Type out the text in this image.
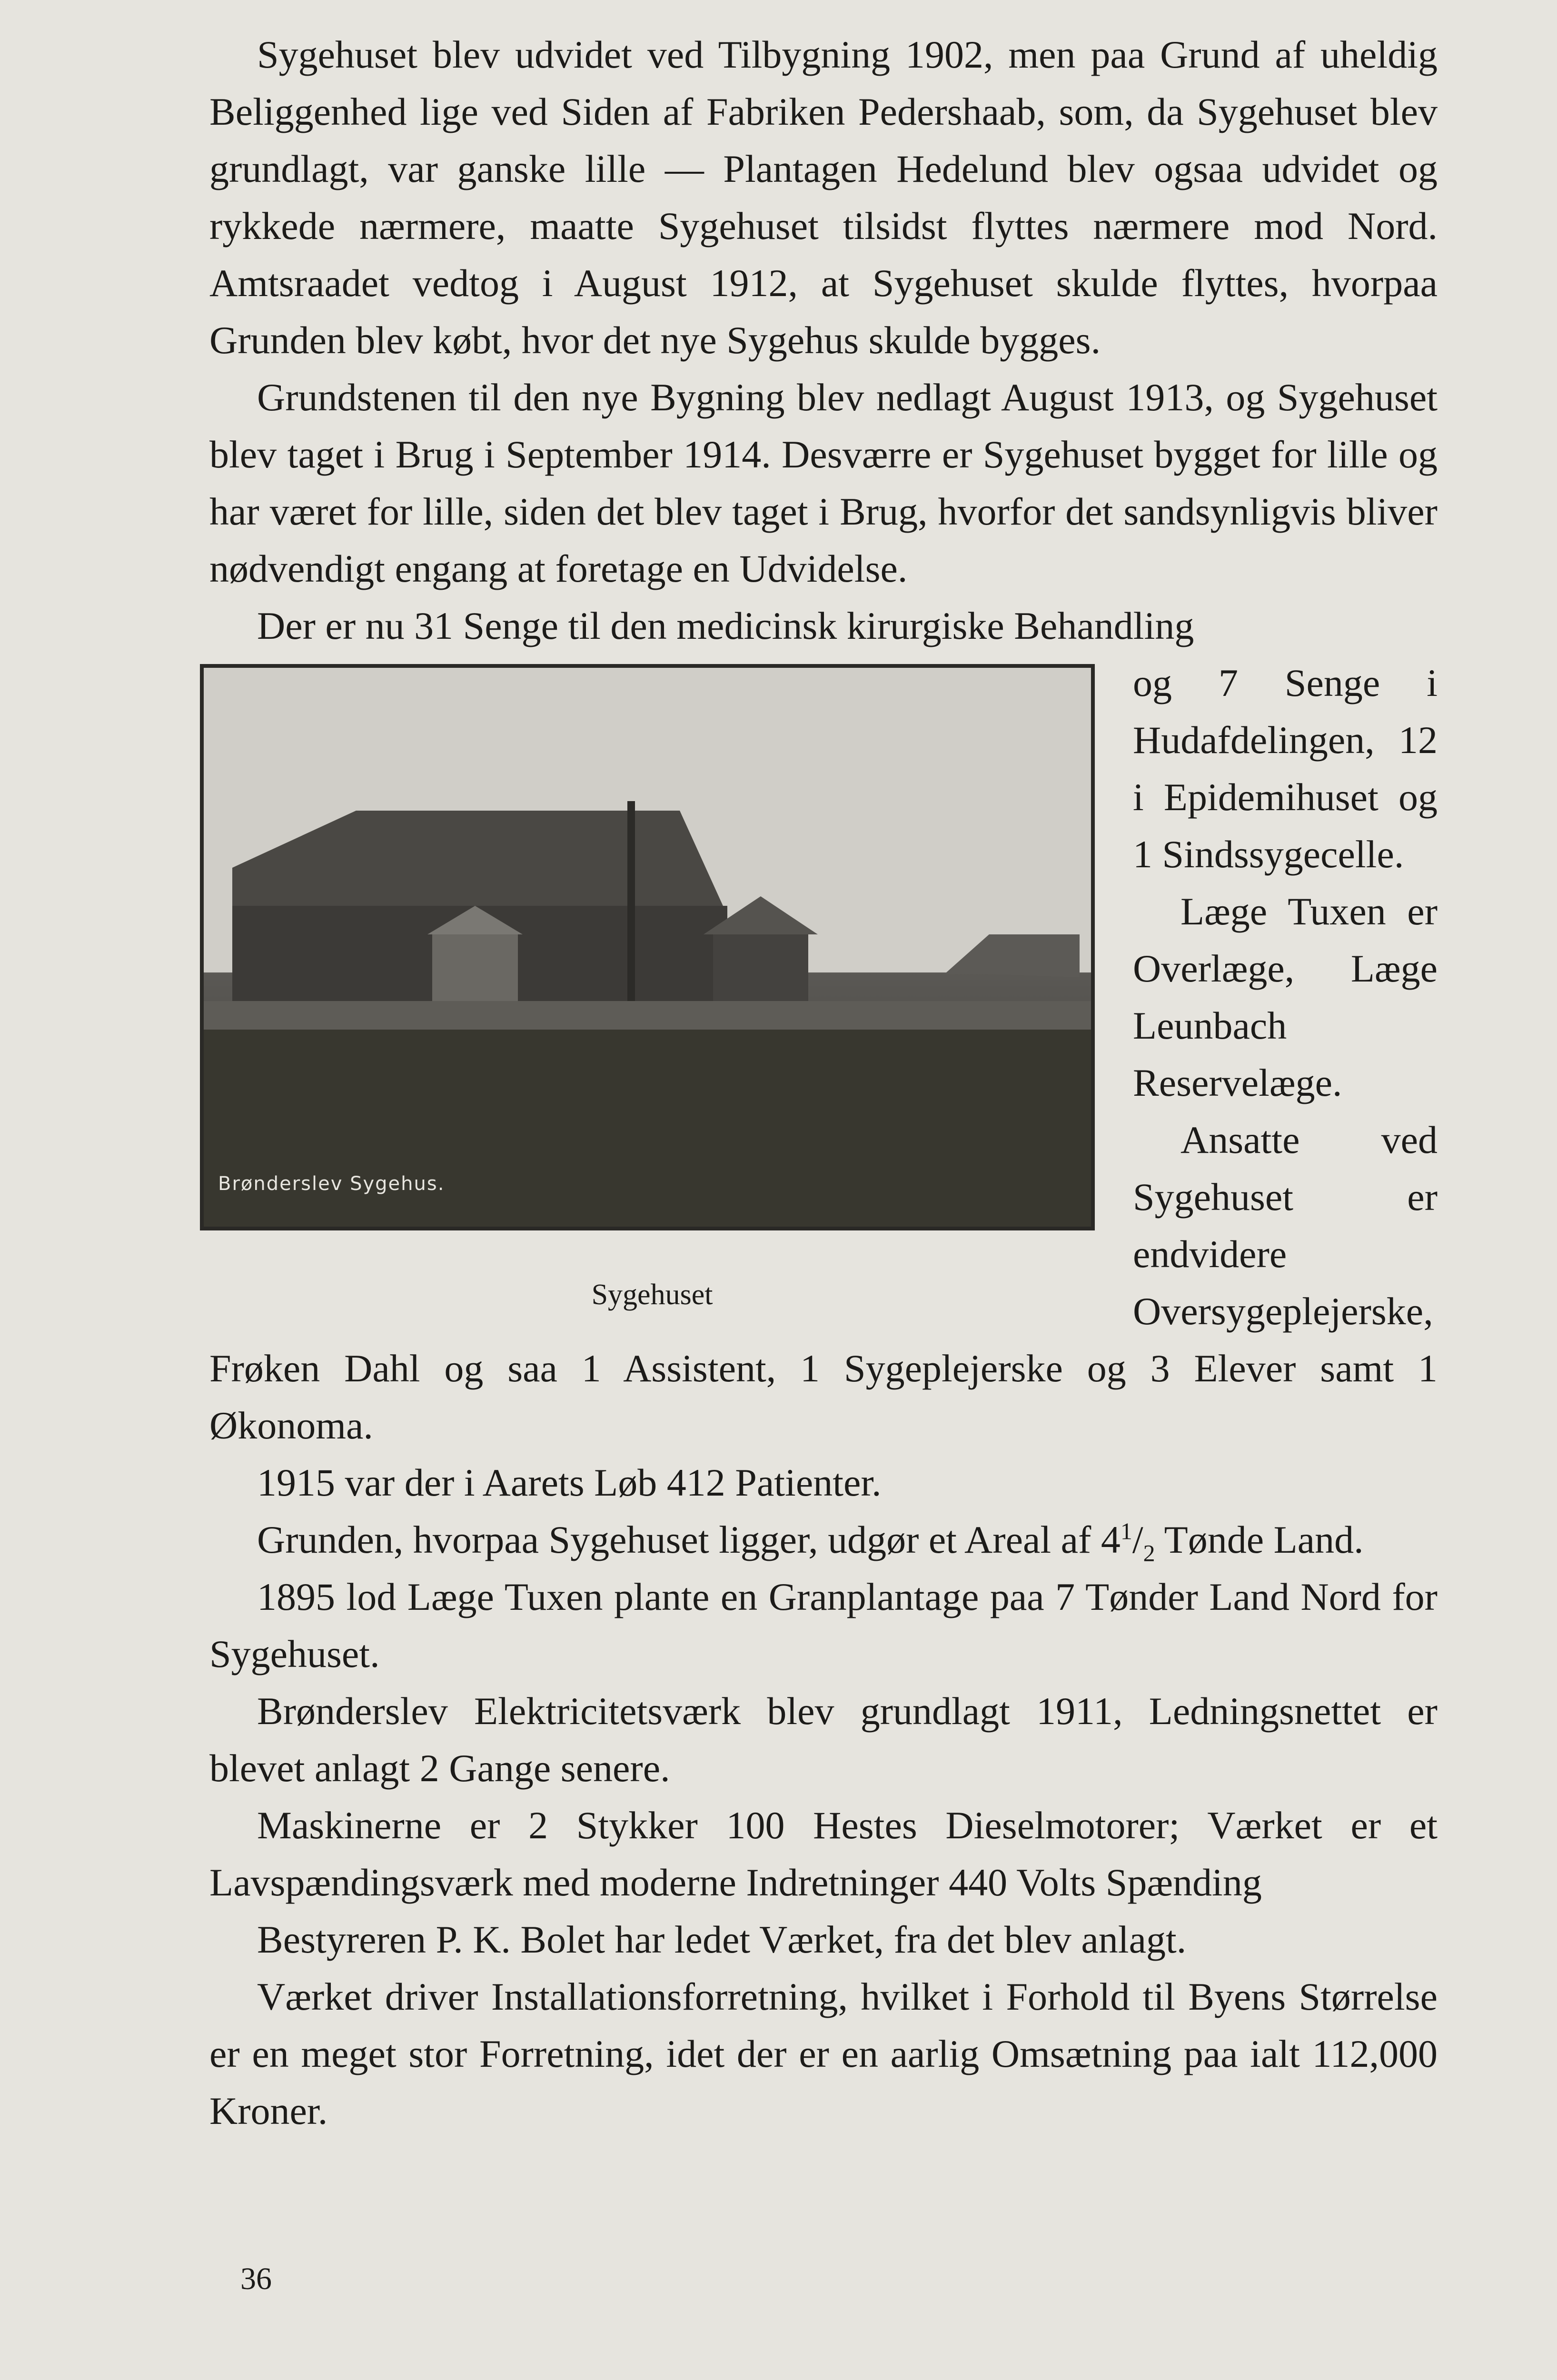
Sygehuset blev udvidet ved Tilbygning 1902, men paa Grund af uheldig Beliggenhed lige ved Siden af Fabriken Pedershaab, som, da Sygehuset blev grundlagt, var ganske lille — Plantagen Hedelund blev ogsaa udvidet og rykkede nærmere, maatte Sygehuset tilsidst flyttes nærmere mod Nord. Amtsraadet vedtog i August 1912, at Sygehuset skulde flyttes, hvorpaa Grunden blev købt, hvor det nye Sygehus skulde bygges.

Grundstenen til den nye Bygning blev nedlagt August 1913, og Sygehuset blev taget i Brug i September 1914. Desværre er Sygehuset bygget for lille og har været for lille, siden det blev taget i Brug, hvorfor det sandsynligvis bliver nødvendigt engang at foretage en Udvidelse.

Der er nu 31 Senge til den medicinsk kirurgiske Behandling

Brønderslev Sygehus.
Sygehuset

og 7 Senge i Hudafdelingen, 12 i Epidemihuset og 1 Sindssygecelle.

Læge Tuxen er Overlæge, Læge Leunbach Reservelæge.

Ansatte ved Sygehuset er endvidere Oversygeplejerske, Frøken Dahl og saa 1 Assistent, 1 Sygeplejerske og 3 Elever samt 1 Økonoma.

1915 var der i Aarets Løb 412 Patienter.

Grunden, hvorpaa Sygehuset ligger, udgør et Areal af $4^1/_2$ Tønde Land.

1895 lod Læge Tuxen plante en Granplantage paa 7 Tønder Land Nord for Sygehuset.

Brønderslev Elektricitetsværk blev grundlagt 1911, Ledningsnettet er blevet anlagt 2 Gange senere.

Maskinerne er 2 Stykker 100 Hestes Dieselmotorer; Værket er et Lavspændingsværk med moderne Indretninger 440 Volts Spænding

Bestyreren P. K. Bolet har ledet Værket, fra det blev anlagt.

Værket driver Installationsforretning, hvilket i Forhold til Byens Størrelse er en meget stor Forretning, idet der er en aarlig Omsætning paa ialt 112,000 Kroner.

36
